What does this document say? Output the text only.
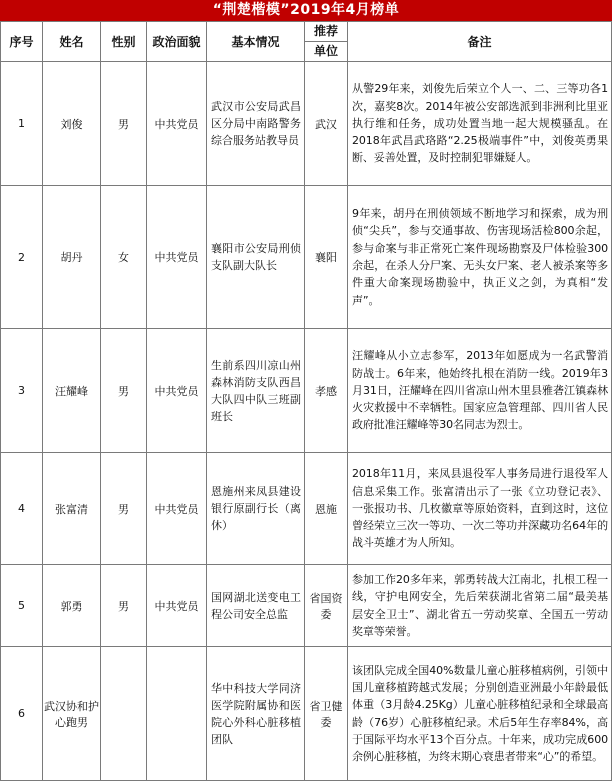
“荆楚楷模”2019年4月榜单
序号	姓名	性别	政治面貌	基本情况	推荐
单位	备注
1	刘俊	男	中共党员	武汉市公安局武昌区分局中南路警务综合服务站教导员	武汉	从警29年来，刘俊先后荣立个人一、二、三等功各1次，嘉奖8次。2014年被公安部选派到非洲利比里亚执行维和任务，成功处置当地一起大规模骚乱。在2018年武昌武珞路“2.25极端事件”中，刘俊英勇果断、妥善处置，及时控制犯罪嫌疑人。
2	胡丹	女	中共党员	襄阳市公安局刑侦支队副大队长	襄阳	9年来，胡丹在刑侦领域不断地学习和探索，成为刑侦“尖兵”，参与交通事故、伤害现场活检800余起，参与命案与非正常死亡案件现场勘察及尸体检验300余起，在杀人分尸案、无头女尸案、老人被杀案等多件重大命案现场勘验中，执正义之剑，为真相“发声”。
3	汪耀峰	男	中共党员	生前系四川凉山州森林消防支队西昌大队四中队三班副班长	孝感	汪耀峰从小立志参军，2013年如愿成为一名武警消防战士。6年来，他始终扎根在消防一线。2019年3月31日，汪耀峰在四川省凉山州木里县雅砻江镇森林火灾救援中不幸牺牲。国家应急管理部、四川省人民政府批准汪耀峰等30名同志为烈士。
4	张富清	男	中共党员	恩施州来凤县建设银行原副行长（离休）	恩施	2018年11月，来凤县退役军人事务局进行退役军人信息采集工作。张富清出示了一张《立功登记表》、一张报功书、几枚徽章等原始资料，直到这时，这位曾经荣立三次一等功、一次二等功并深藏功名64年的战斗英雄才为人所知。
5	郭勇	男	中共党员	国网湖北送变电工程公司安全总监	省国资委	参加工作20多年来，郭勇转战大江南北，扎根工程一线，守护电网安全，先后荣获湖北省第二届“最美基层安全卫士”、湖北省五一劳动奖章、全国五一劳动奖章等荣誉。
6	武汉协和护心跑男			华中科技大学同济医学院附属协和医院心外科心脏移植团队	省卫健委	该团队完成全国40%数量儿童心脏移植病例，引领中国儿童移植跨越式发展；分别创造亚洲最小年龄最低体重（3月龄4.25Kg）儿童心脏移植纪录和全球最高龄（76岁）心脏移植纪录。术后5年生存率84%，高于国际平均水平13个百分点。十年来，成功完成600余例心脏移植，为终末期心衰患者带来“心”的希望。
